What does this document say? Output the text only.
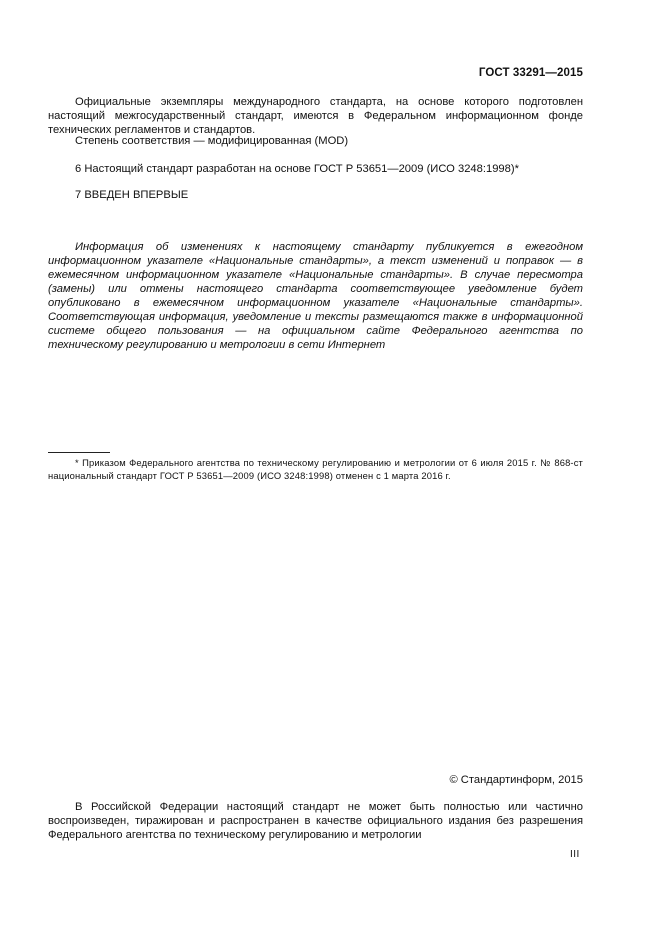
ГОСТ 33291—2015
Официальные экземпляры международного стандарта, на основе которого подготовлен настоящий межгосударственный стандарт, имеются в Федеральном информационном фонде технических регламентов и стандартов.
Степень соответствия — модифицированная (MOD)
6 Настоящий стандарт разработан на основе ГОСТ Р 53651—2009 (ИСО 3248:1998)*
7 ВВЕДЕН ВПЕРВЫЕ
Информация об изменениях к настоящему стандарту публикуется в ежегодном информационном указателе «Национальные стандарты», а текст изменений и поправок — в ежемесячном информационном указателе «Национальные стандарты». В случае пересмотра (замены) или отмены настоящего стандарта соответствующее уведомление будет опубликовано в ежемесячном информационном указателе «Национальные стандарты». Соответствующая информация, уведомление и тексты размещаются также в информационной системе общего пользования — на официальном сайте Федерального агентства по техническому регулированию и метрологии в сети Интернет
* Приказом Федерального агентства по техническому регулированию и метрологии от 6 июля 2015 г. № 868-ст национальный стандарт ГОСТ Р 53651—2009 (ИСО 3248:1998) отменен с 1 марта 2016 г.
© Стандартинформ, 2015
В Российской Федерации настоящий стандарт не может быть полностью или частично воспроизведен, тиражирован и распространен в качестве официального издания без разрешения Федерального агентства по техническому регулированию и метрологии
III
